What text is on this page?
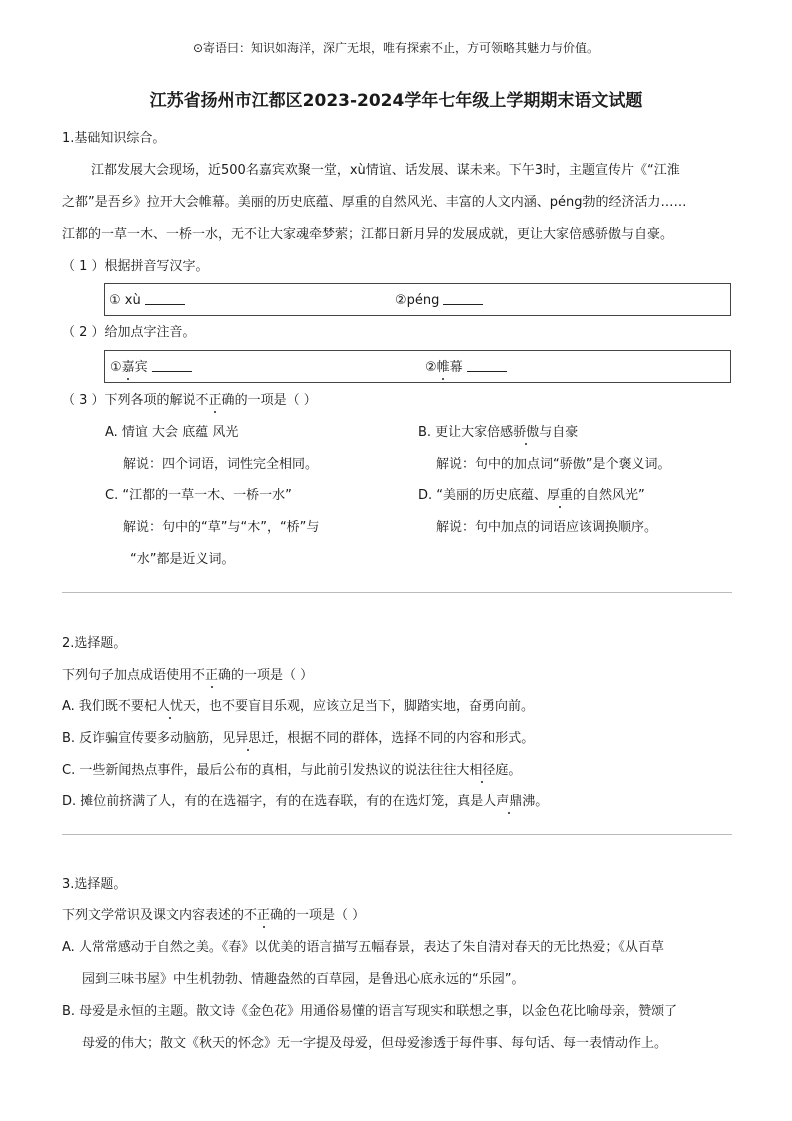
⊙寄语曰：知识如海洋，深广无垠，唯有探索不止，方可领略其魅力与价值。
江苏省扬州市江都区2023-2024学年七年级上学期期末语文试题
1.基础知识综合。
江都发展大会现场，近500名嘉宾欢聚一堂，xù情谊、话发展、谋未来。下午3时，主题宣传片《“江淮
之都”是吾乡》拉开大会帷幕。美丽的历史底蕴、厚重的自然风光、丰富的人文内涵、péng勃的经济活力……
江都的一草一木、一桥一水，无不让大家魂牵梦萦；江都日新月异的发展成就，更让大家倍感骄傲与自豪。
（ 1 ）根据拼音写汉字。
① xù	②péng
（ 2 ）给加点字注音。
①嘉宾	②帷幕
（ 3 ）下列各项的解说不正确的一项是（ ）
A. 情谊 大会 底蕴 风光
解说：四个词语，词性完全相同。
B. 更让大家倍感骄傲与自豪
解说：句中的加点词“骄傲”是个褒义词。
C. “江都的一草一木、一桥一水”
解说：句中的“草”与“木”，“桥”与
“水”都是近义词。
D. “美丽的历史底蕴、厚重的自然风光”
解说：句中加点的词语应该调换顺序。
2.选择题。
下列句子加点成语使用不正确的一项是（ ）
A. 我们既不要杞人忧天，也不要盲目乐观，应该立足当下，脚踏实地，奋勇向前。
B. 反诈骗宣传要多动脑筋，见异思迁，根据不同的群体，选择不同的内容和形式。
C. 一些新闻热点事件，最后公布的真相，与此前引发热议的说法往往大相径庭。
D. 摊位前挤满了人，有的在选福字，有的在选春联，有的在选灯笼，真是人声鼎沸。
3.选择题。
下列文学常识及课文内容表述的不正确的一项是（ ）
A. 人常常感动于自然之美。《春》以优美的语言描写五幅春景，表达了朱自清对春天的无比热爱；《从百草
园到三味书屋》中生机勃勃、情趣盎然的百草园，是鲁迅心底永远的“乐园”。
B. 母爱是永恒的主题。散文诗《金色花》用通俗易懂的语言写现实和联想之事，以金色花比喻母亲，赞颂了
母爱的伟大；散文《秋天的怀念》无一字提及母爱，但母爱渗透于每件事、每句话、每一表情动作上。
